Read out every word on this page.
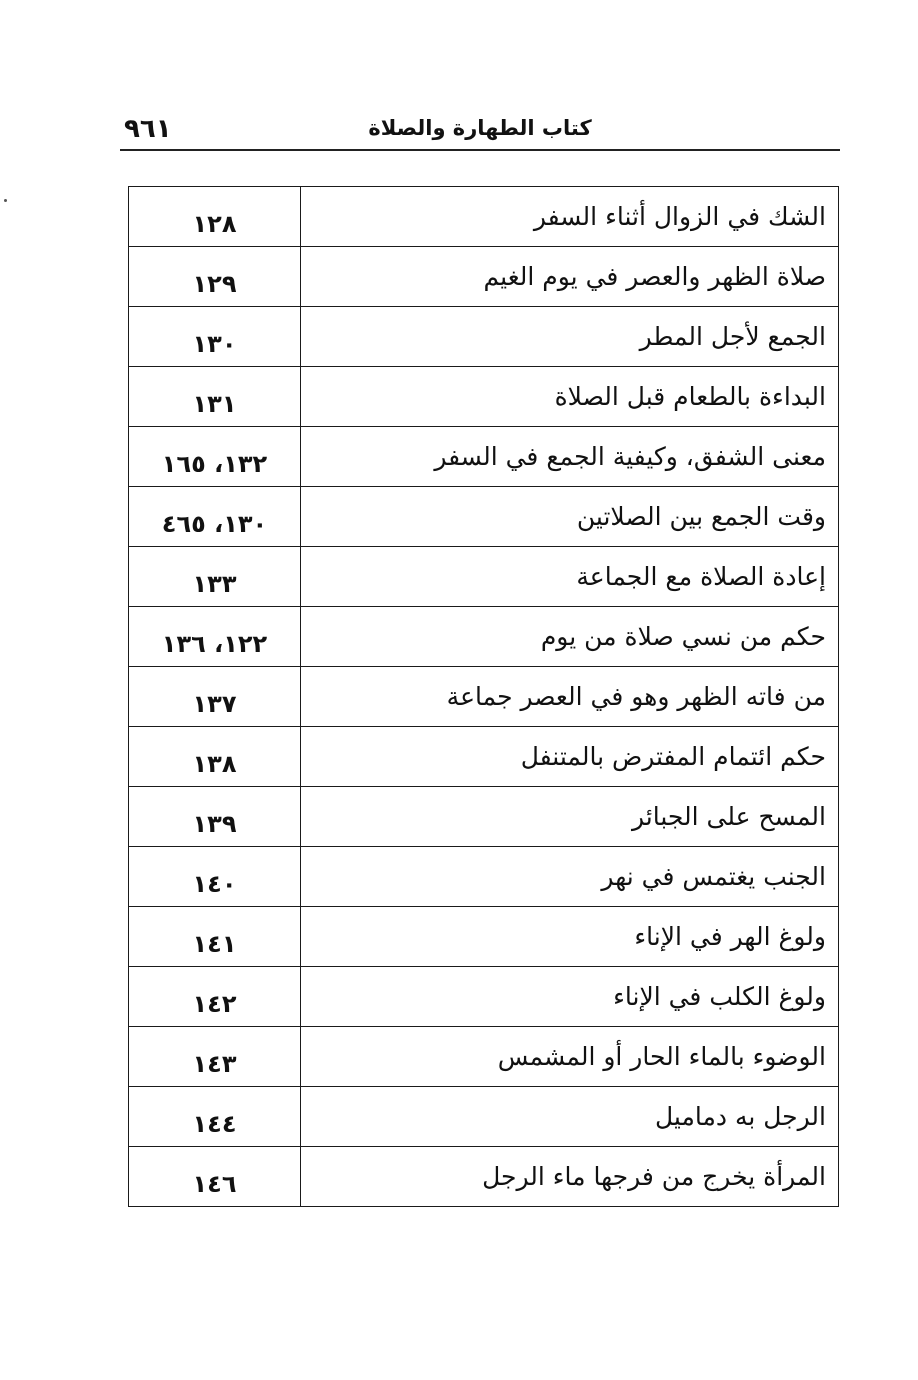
٩٦١	كتاب الطهارة والصلاة
الشك في الزوال أثناء السفر	١٢٨
صلاة الظهر والعصر في يوم الغيم	١٢٩
الجمع لأجل المطر	١٣٠
البداءة بالطعام قبل الصلاة	١٣١
معنى الشفق، وكيفية الجمع في السفر	١٣٢، ١٦٥
وقت الجمع بين الصلاتين	١٣٠، ٤٦٥
إعادة الصلاة مع الجماعة	١٣٣
حكم من نسي صلاة من يوم	١٢٢، ١٣٦
من فاته الظهر وهو في العصر جماعة	١٣٧
حكم ائتمام المفترض بالمتنفل	١٣٨
المسح على الجبائر	١٣٩
الجنب يغتمس في نهر	١٤٠
ولوغ الهر في الإناء	١٤١
ولوغ الكلب في الإناء	١٤٢
الوضوء بالماء الحار أو المشمس	١٤٣
الرجل به دماميل	١٤٤
المرأة يخرج من فرجها ماء الرجل	١٤٦
